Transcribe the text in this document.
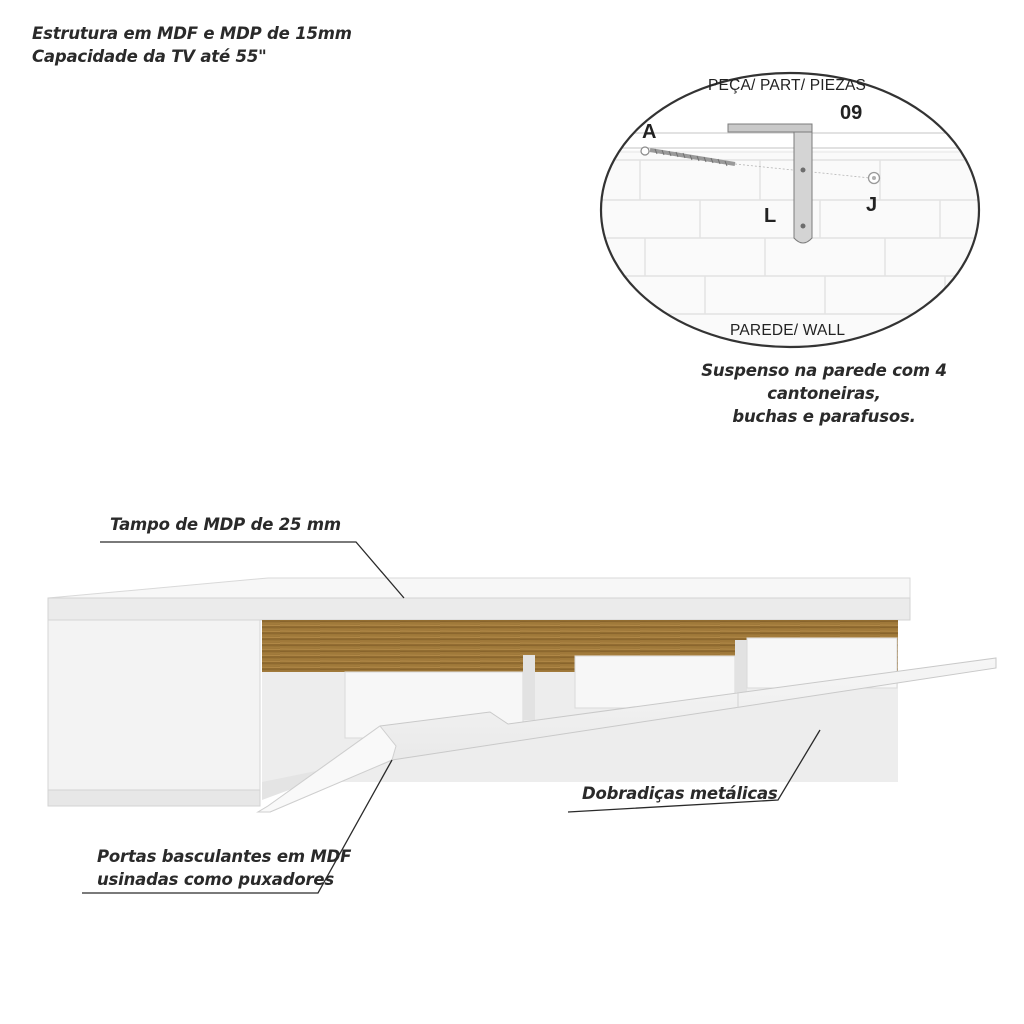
Estrutura em MDF e MDP de 15mm
Capacidade da TV até 55"
PEÇA/ PART/ PIEZAS
09
A
L	J
PAREDE/ WALL
Suspenso na parede com 4 cantoneiras,
buchas e parafusos.
Tampo de MDP de 25 mm
Dobradiças metálicas
Portas basculantes em MDF
usinadas como puxadores
